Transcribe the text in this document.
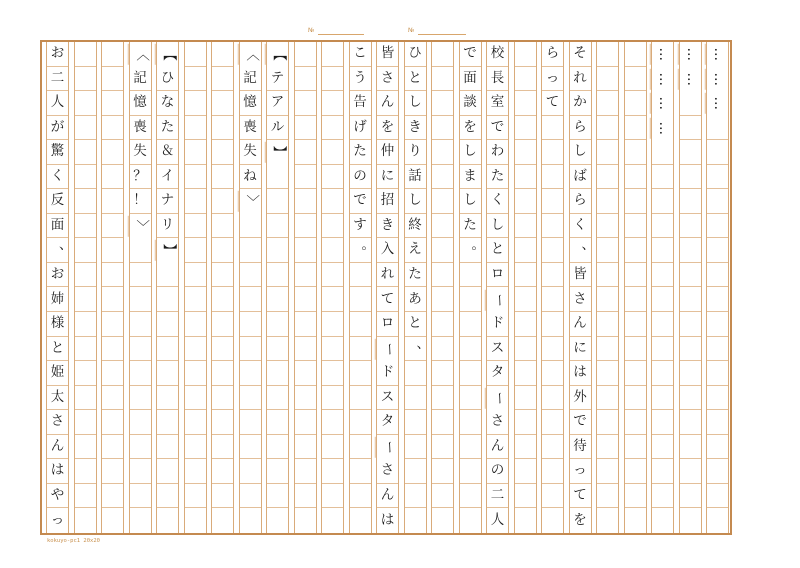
№	№
…
…
…
…
…
…
…
…
…
そ
れ
か
ら
し
ば
ら
く
、
皆
さ
ん
に
は
外
で
待
っ
て
を
ら
っ
て
校
長
室
で
わ
た
く
し
と
ロ
ー
ド
ス
タ
ー
さ
ん
の
二
人
で
面
談
を
し
ま
し
た
。
ひ
と
し
き
り
話
し
終
え
た
あ
と
、
皆
さ
ん
を
仲
に
招
き
入
れ
て
ロ
ー
ド
ス
タ
ー
さ
ん
は
こ
う
告
げ
た
の
で
す
。
【
テ
ア
ル
】
〈
記
憶
喪
失
ね
〉
【
ひ
な
た
＆
イ
ナ
リ
】
〈
記
憶
喪
失
？
！
〉
お
二
人
が
驚
く
反
面
、
お
姉
様
と
姫
太
さ
ん
は
や
っ
kokuyo-pc1 20x20
